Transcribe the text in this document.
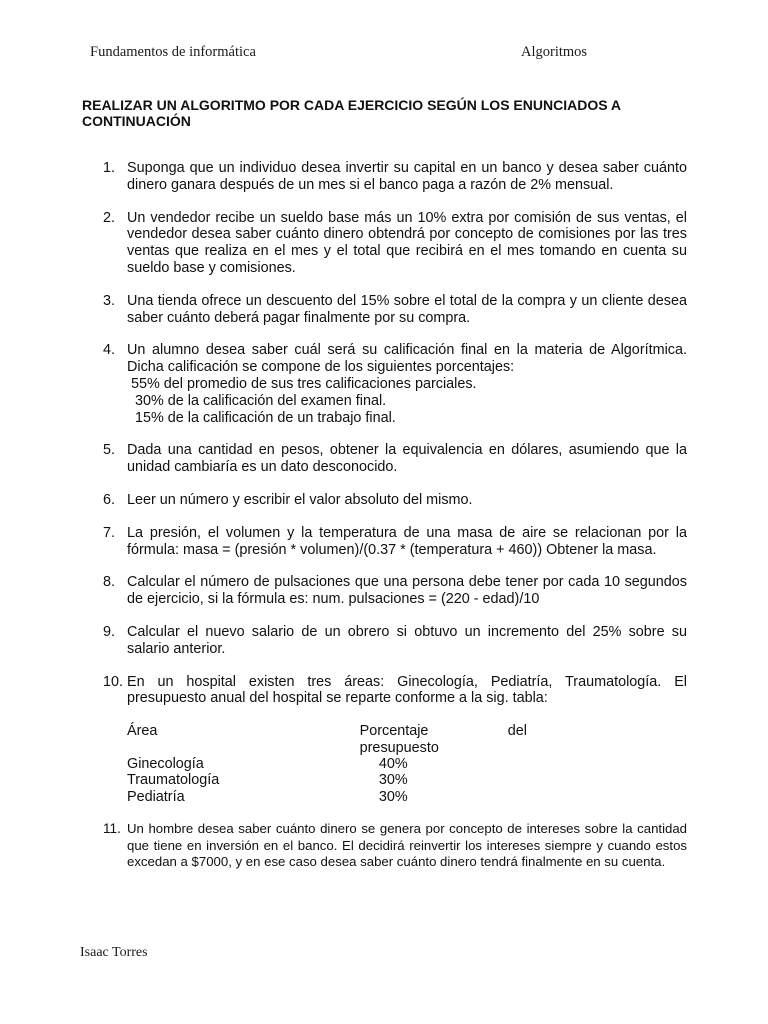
Fundamentos de informática	Algoritmos
REALIZAR UN ALGORITMO POR CADA EJERCICIO SEGÚN LOS ENUNCIADOS A CONTINUACIÓN
1. Suponga que un individuo desea invertir su capital en un banco y desea saber cuánto dinero ganara después de un mes si el banco paga a razón de 2% mensual.

2. Un vendedor recibe un sueldo base más un 10% extra por comisión de sus ventas, el vendedor desea saber cuánto dinero obtendrá por concepto de comisiones por las tres ventas que realiza en el mes y el total que recibirá en el mes tomando en cuenta su sueldo base y comisiones.

3. Una tienda ofrece un descuento del 15% sobre el total de la compra y un cliente desea saber cuánto deberá pagar finalmente por su compra.

4. Un alumno desea saber cuál será su calificación final en la materia de Algorítmica. Dicha calificación se compone de los siguientes porcentajes:

55% del promedio de sus tres calificaciones parciales.

30% de la calificación del examen final.

15% de la calificación de un trabajo final.

5. Dada una cantidad en pesos, obtener la equivalencia en dólares, asumiendo que la unidad cambiaría es un dato desconocido.

6. Leer un número y escribir el valor absoluto del mismo.

7. La presión, el volumen y la temperatura de una masa de aire se relacionan por la fórmula: masa = (presión * volumen)/(0.37 * (temperatura + 460)) Obtener la masa.

8. Calcular el número de pulsaciones que una persona debe tener por cada 10 segundos de ejercicio, si la fórmula es: num. pulsaciones = (220 - edad)/10

9. Calcular el nuevo salario de un obrero si obtuvo un incremento del 25% sobre su salario anterior.

10. En un hospital existen tres áreas: Ginecología, Pediatría, Traumatología. El presupuesto anual del hospital se reparte conforme a la sig. tabla:

Área	Porcentaje del presupuesto
Ginecología	40%
Traumatología	30%
Pediatría	30%
11. Un hombre desea saber cuánto dinero se genera por concepto de intereses sobre la cantidad que tiene en inversión en el banco. El decidirá reinvertir los intereses siempre y cuando estos excedan a $7000, y en ese caso desea saber cuánto dinero tendrá finalmente en su cuenta.

Isaac Torres
